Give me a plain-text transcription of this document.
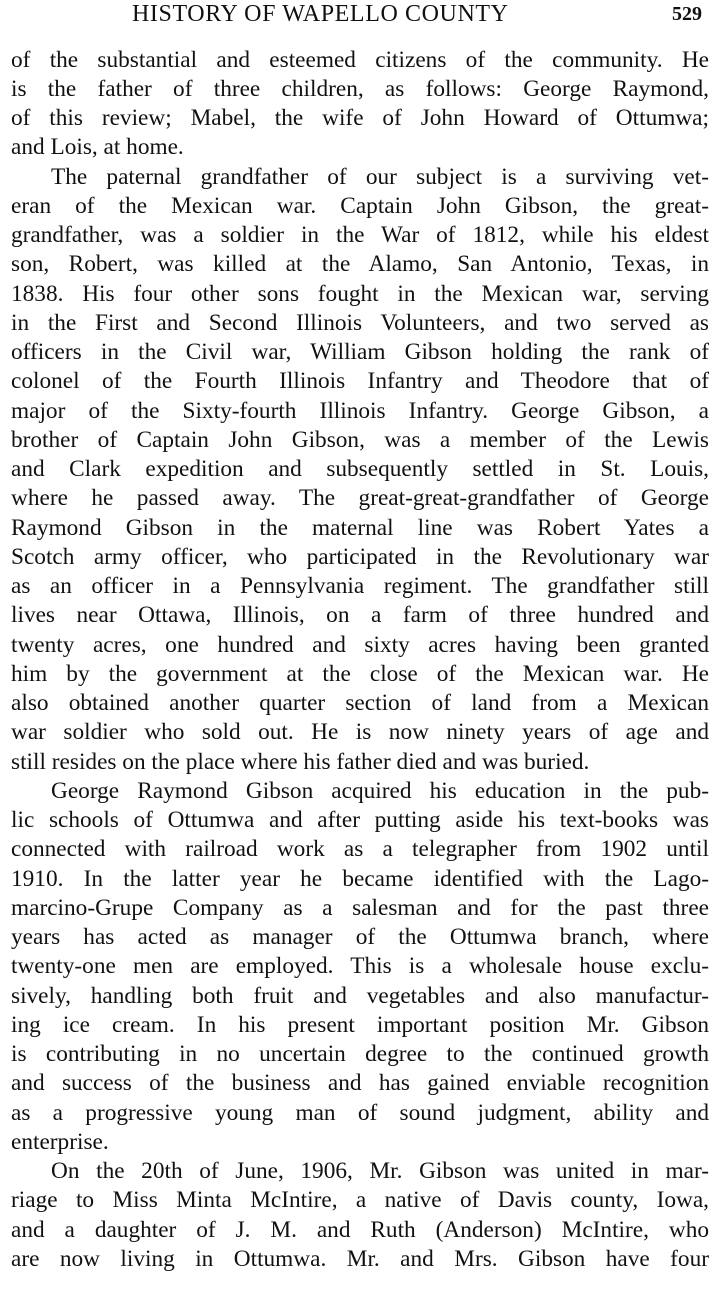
HISTORY OF WAPELLO COUNTY	529
of the substantial and esteemed citizens of the community. He
is the father of three children, as follows: George Raymond,
of this review; Mabel, the wife of John Howard of Ottumwa;
and Lois, at home.
The paternal grandfather of our subject is a surviving vet-
eran of the Mexican war. Captain John Gibson, the great-
grandfather, was a soldier in the War of 1812, while his eldest
son, Robert, was killed at the Alamo, San Antonio, Texas, in
1838. His four other sons fought in the Mexican war, serving
in the First and Second Illinois Volunteers, and two served as
officers in the Civil war, William Gibson holding the rank of
colonel of the Fourth Illinois Infantry and Theodore that of
major of the Sixty-fourth Illinois Infantry. George Gibson, a
brother of Captain John Gibson, was a member of the Lewis
and Clark expedition and subsequently settled in St. Louis,
where he passed away. The great-great-grandfather of George
Raymond Gibson in the maternal line was Robert Yates a
Scotch army officer, who participated in the Revolutionary war
as an officer in a Pennsylvania regiment. The grandfather still
lives near Ottawa, Illinois, on a farm of three hundred and
twenty acres, one hundred and sixty acres having been granted
him by the government at the close of the Mexican war. He
also obtained another quarter section of land from a Mexican
war soldier who sold out. He is now ninety years of age and
still resides on the place where his father died and was buried.
George Raymond Gibson acquired his education in the pub-
lic schools of Ottumwa and after putting aside his text-books was
connected with railroad work as a telegrapher from 1902 until
1910. In the latter year he became identified with the Lago-
marcino-Grupe Company as a salesman and for the past three
years has acted as manager of the Ottumwa branch, where
twenty-one men are employed. This is a wholesale house exclu-
sively, handling both fruit and vegetables and also manufactur-
ing ice cream. In his present important position Mr. Gibson
is contributing in no uncertain degree to the continued growth
and success of the business and has gained enviable recognition
as a progressive young man of sound judgment, ability and
enterprise.
On the 20th of June, 1906, Mr. Gibson was united in mar-
riage to Miss Minta McIntire, a native of Davis county, Iowa,
and a daughter of J. M. and Ruth (Anderson) McIntire, who
are now living in Ottumwa. Mr. and Mrs. Gibson have four
